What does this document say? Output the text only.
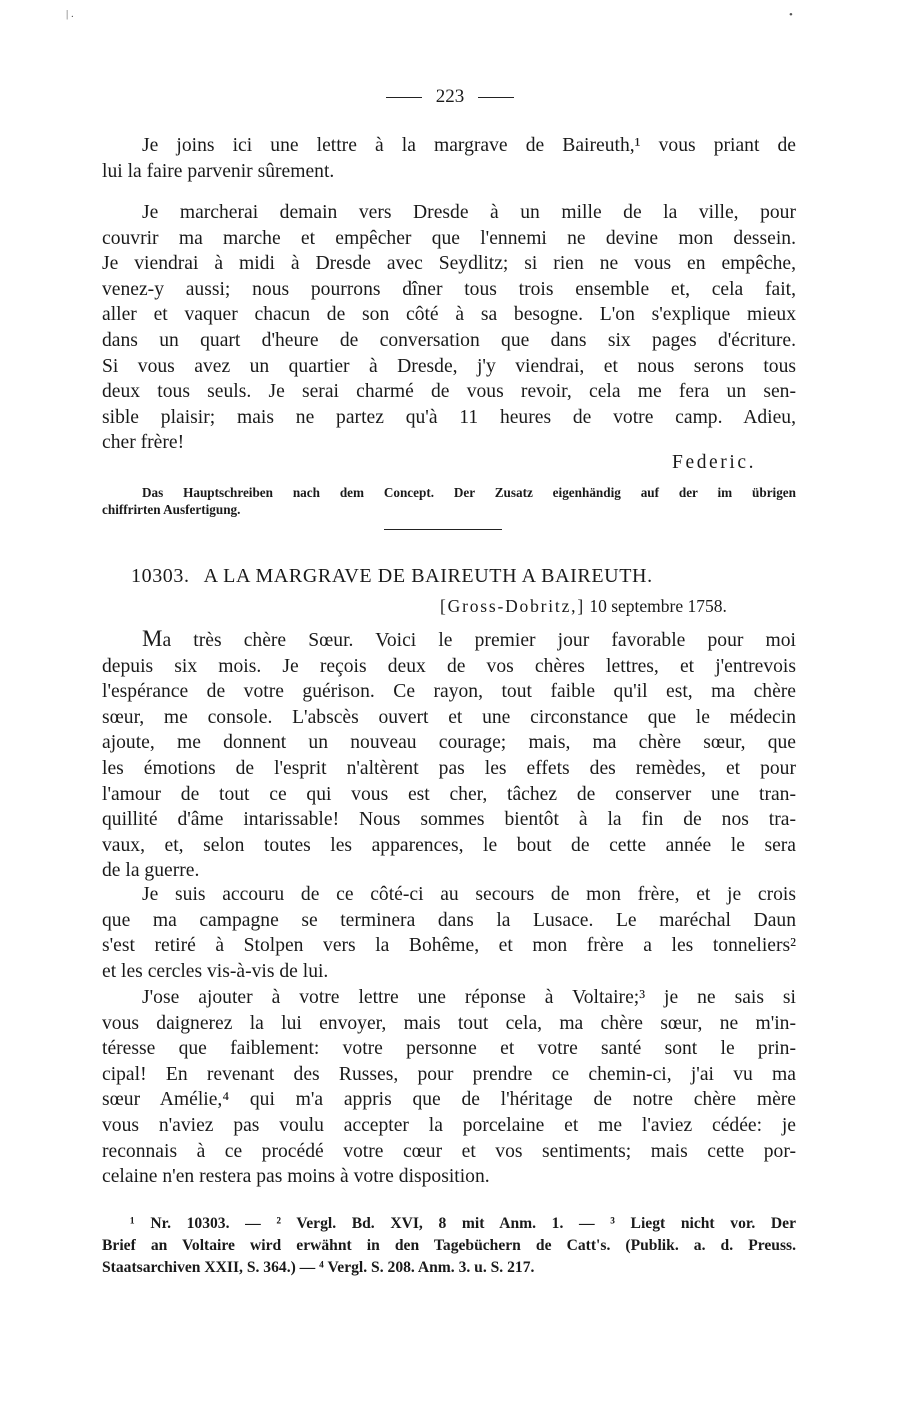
| .	•
223
Je joins ici une lettre à la margrave de Baireuth,¹ vous priant de
lui la faire parvenir sûrement.
Je marcherai demain vers Dresde à un mille de la ville, pour
couvrir ma marche et empêcher que l'ennemi ne devine mon dessein.
Je viendrai à midi à Dresde avec Seydlitz; si rien ne vous en empêche,
venez-y aussi; nous pourrons dîner tous trois ensemble et, cela fait,
aller et vaquer chacun de son côté à sa besogne. L'on s'explique mieux
dans un quart d'heure de conversation que dans six pages d'écriture.
Si vous avez un quartier à Dresde, j'y viendrai, et nous serons tous
deux tous seuls. Je serai charmé de vous revoir, cela me fera un sen-
sible plaisir; mais ne partez qu'à 11 heures de votre camp. Adieu,
cher frère!
Federic.
Das Hauptschreiben nach dem Concept. Der Zusatz eigenhändig auf der im übrigen
chiffrirten Ausfertigung.
10303. A LA MARGRAVE DE BAIREUTH A BAIREUTH.
[Gross-Dobritz,] 10 septembre 1758.
Ma très chère Sœur. Voici le premier jour favorable pour moi
depuis six mois. Je reçois deux de vos chères lettres, et j'entrevois
l'espérance de votre guérison. Ce rayon, tout faible qu'il est, ma chère
sœur, me console. L'abscès ouvert et une circonstance que le médecin
ajoute, me donnent un nouveau courage; mais, ma chère sœur, que
les émotions de l'esprit n'altèrent pas les effets des remèdes, et pour
l'amour de tout ce qui vous est cher, tâchez de conserver une tran-
quillité d'âme intarissable! Nous sommes bientôt à la fin de nos tra-
vaux, et, selon toutes les apparences, le bout de cette année le sera
de la guerre.
Je suis accouru de ce côté-ci au secours de mon frère, et je crois
que ma campagne se terminera dans la Lusace. Le maréchal Daun
s'est retiré à Stolpen vers la Bohême, et mon frère a les tonneliers²
et les cercles vis-à-vis de lui.
J'ose ajouter à votre lettre une réponse à Voltaire;³ je ne sais si
vous daignerez la lui envoyer, mais tout cela, ma chère sœur, ne m'in-
téresse que faiblement: votre personne et votre santé sont le prin-
cipal! En revenant des Russes, pour prendre ce chemin-ci, j'ai vu ma
sœur Amélie,⁴ qui m'a appris que de l'héritage de notre chère mère
vous n'aviez pas voulu accepter la porcelaine et me l'aviez cédée: je
reconnais à ce procédé votre cœur et vos sentiments; mais cette por-
celaine n'en restera pas moins à votre disposition.
¹ Nr. 10303. — ² Vergl. Bd. XVI, 8 mit Anm. 1. — ³ Liegt nicht vor. Der
Brief an Voltaire wird erwähnt in den Tagebüchern de Catt's. (Publik. a. d. Preuss.
Staatsarchiven XXII, S. 364.) — ⁴ Vergl. S. 208. Anm. 3. u. S. 217.
